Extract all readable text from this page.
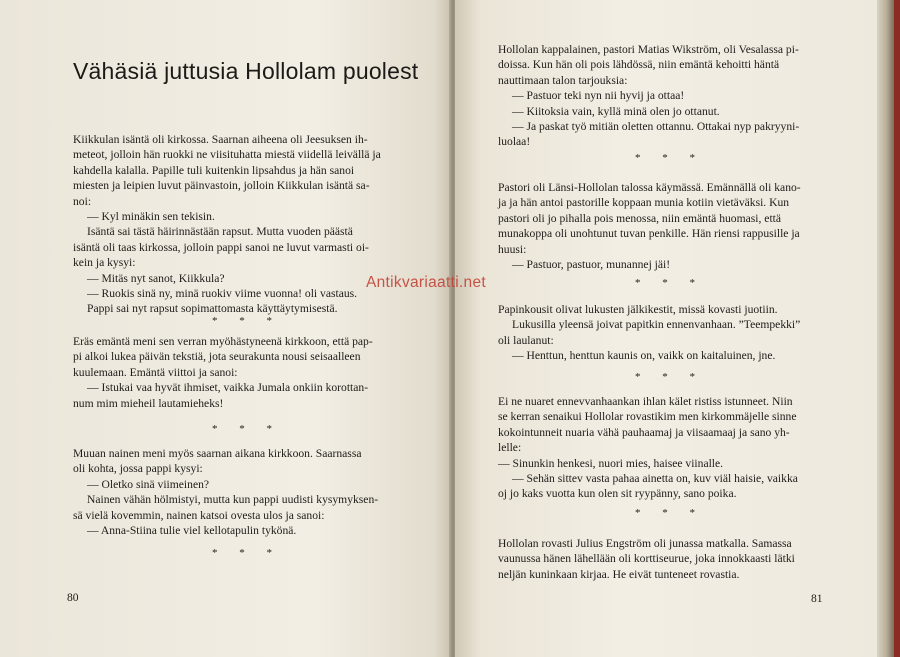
Vähäsiä juttusia Hollolam puolest
Kiikkulan isäntä oli kirkossa. Saarnan aiheena oli Jeesuksen ih-
meteot, jolloin hän ruokki ne viisituhatta miestä viidellä leivällä ja
kahdella kalalla. Papille tuli kuitenkin lipsahdus ja hän sanoi
miesten ja leipien luvut päinvastoin, jolloin Kiikkulan isäntä sa-
noi:
— Kyl minäkin sen tekisin.
Isäntä sai tästä häirinnästään rapsut. Mutta vuoden päästä
isäntä oli taas kirkossa, jolloin pappi sanoi ne luvut varmasti oi-
kein ja kysyi:
— Mitäs nyt sanot, Kiikkula?
— Ruokis sinä ny, minä ruokiv viime vuonna! oli vastaus.
Pappi sai nyt rapsut sopimattomasta käyttäytymisestä.
* * *
Eräs emäntä meni sen verran myöhästyneenä kirkkoon, että pap-
pi alkoi lukea päivän tekstiä, jota seurakunta nousi seisaalleen
kuulemaan. Emäntä viittoi ja sanoi:
— Istukai vaa hyvät ihmiset, vaikka Jumala onkiin korottan-
num mim mieheil lautamieheks!
* * *
Muuan nainen meni myös saarnan aikana kirkkoon. Saarnassa
oli kohta, jossa pappi kysyi:
— Oletko sinä viimeinen?
Nainen vähän hölmistyi, mutta kun pappi uudisti kysymyksen-
sä vielä kovemmin, nainen katsoi ovesta ulos ja sanoi:
— Anna-Stiina tulie viel kellotapulin tykönä.
* * *
80
Hollolan kappalainen, pastori Matias Wikström, oli Vesalassa pi-
doissa. Kun hän oli pois lähdössä, niin emäntä kehoitti häntä
nauttimaan talon tarjouksia:
— Pastuor teki nyn nii hyvij ja ottaa!
— Kiitoksia vain, kyllä minä olen jo ottanut.
— Ja paskat työ mitiän oletten ottannu. Ottakai nyp pakryyni-
luolaa!
* * *
Pastori oli Länsi-Hollolan talossa käymässä. Emännällä oli kano-
ja ja hän antoi pastorille koppaan munia kotiin vietäväksi. Kun
pastori oli jo pihalla pois menossa, niin emäntä huomasi, että
munakoppa oli unohtunut tuvan penkille. Hän riensi rappusille ja
huusi:
— Pastuor, pastuor, munannej jäi!
* * *
Papinkousit olivat lukusten jälkikestit, missä kovasti juotiin.
Lukusilla yleensä joivat papitkin ennenvanhaan. ”Teempekki”
oli laulanut:
— Henttun, henttun kaunis on, vaikk on kaitaluinen, jne.
* * *
Ei ne nuaret ennevvanhaankan ihlan kälet ristiss istunneet. Niin
se kerran senaikui Hollolar rovastikim men kirkommäjelle sinne
kokointunneit nuaria vähä pauhaamaj ja viisaamaaj ja sano yh-
lelle:
— Sinunkin henkesi, nuori mies, haisee viinalle.
— Sehän sittev vasta pahaa ainetta on, kuv viäl haisie, vaikka
oj jo kaks vuotta kun olen sit ryypänny, sano poika.
* * *
Hollolan rovasti Julius Engström oli junassa matkalla. Samassa
vaunussa hänen lähellään oli korttiseurue, joka innokkaasti lätki
neljän kuninkaan kirjaa. He eivät tunteneet rovastia.
81
Antikvariaatti.net
